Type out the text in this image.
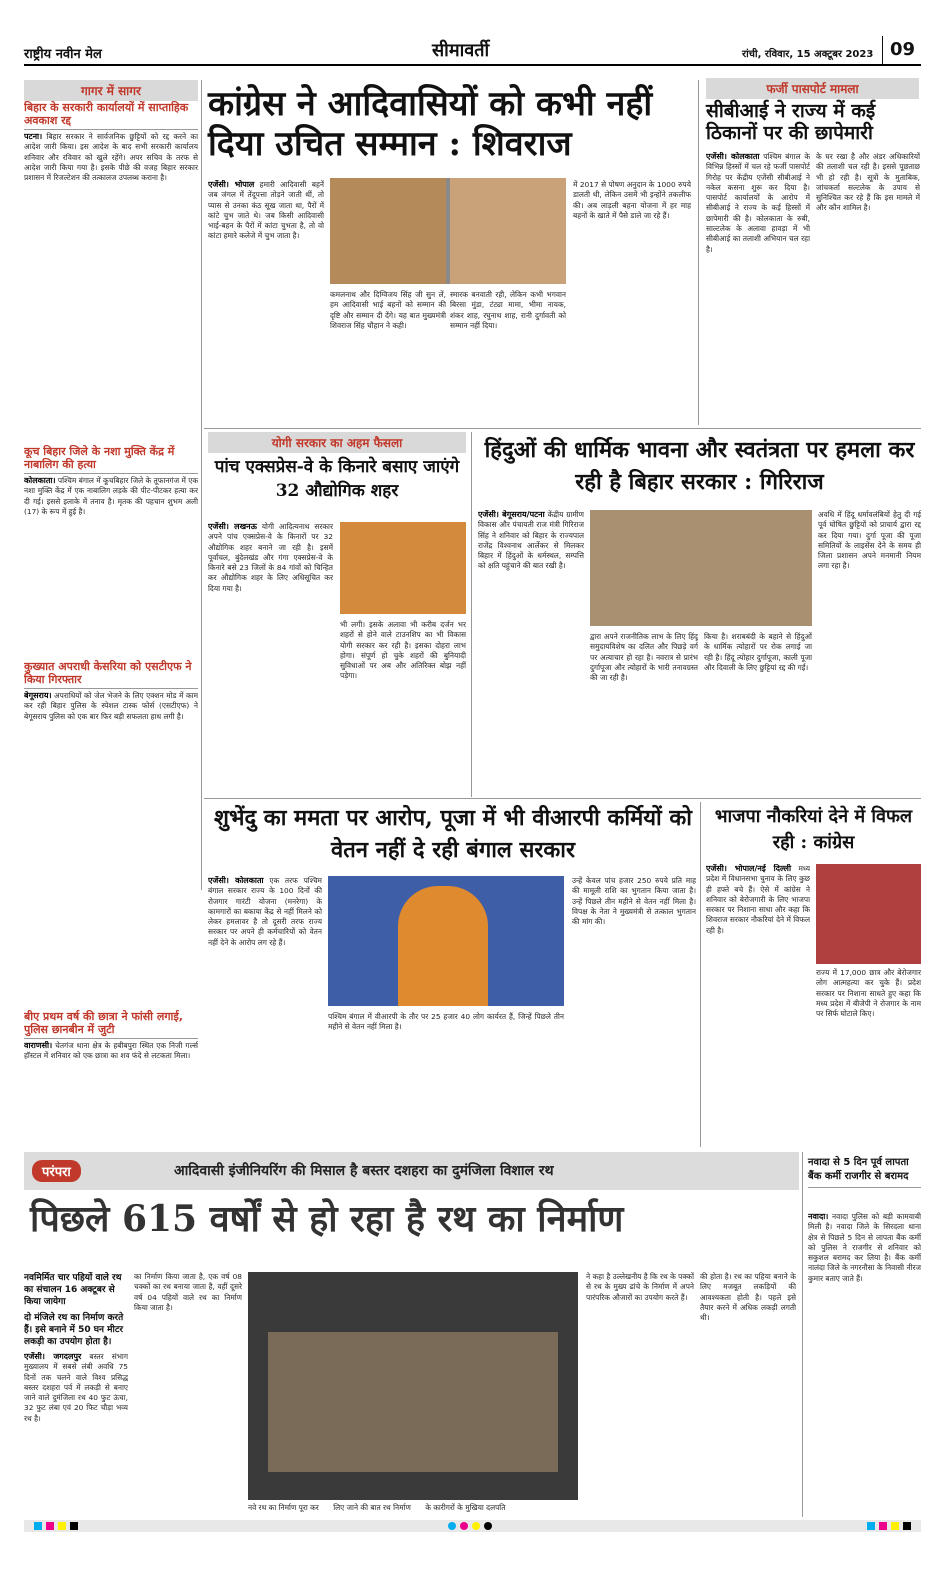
राष्ट्रीय नवीन मेल	सीमावर्ती	रांची, रविवार, 15 अक्टूबर 2023 09
गागर में सागर
बिहार के सरकारी कार्यालयों में साप्ताहिक अवकाश रद्द
पटना। बिहार सरकार ने सार्वजनिक छुट्टियों को रद्द करने का आदेश जारी किया। इस आदेश के बाद सभी सरकारी कार्यालय शनिवार और रविवार को खुले रहेंगे। अपर सचिव के तरफ से आदेश जारी किया गया है। इसके पीछे की वजह बिहार सरकार प्रशासन में रिजल्टेशन की तत्कालज उपलब्ध कराना है।
कूच बिहार जिले के नशा मुक्ति केंद्र में नाबालिग की हत्या
कोलकाता। पश्चिम बंगाल में कूचबिहार जिले के तूफानगंज में एक नशा मुक्ति केंद्र में एक नाबालिग लड़के की पीट-पीटकर हत्या कर दी गई। इससे इलाके में तनाव है। मृतक की पहचान शुभम अली (17) के रूप में हुई है।
कुख्यात अपराधी केसरिया को एसटीएफ ने किया गिरफ्तार
बेगूसराय। अपराधियों को जेल भेजने के लिए एक्शन मोड में काम कर रही बिहार पुलिस के स्पेशल टास्क फोर्स (एसटीएफ) ने बेगूसराय पुलिस को एक बार फिर बड़ी सफलता हाथ लगी है।
बीए प्रथम वर्ष की छात्रा ने फांसी लगाई, पुलिस छानबीन में जुटी
वाराणसी। चेतगंज थाना क्षेत्र के हबीबपुरा स्थित एक निजी गर्ल्स हॉस्टल में शनिवार को एक छात्रा का शव फंदे से लटकता मिला।
कांग्रेस ने आदिवासियों को कभी नहीं दिया उचित सम्मान : शिवराज
एजेंसी। भोपाल हमारी आदिवासी बहनें जब जंगल में तेंदूपत्ता तोड़ने जाती थीं, तो प्यास से उनका कंठ सूख जाता था, पैरों में कांटे चुभ जाते थे। जब किसी आदिवासी भाई-बहन के पैरों में कांटा चुभता है, तो वो कांटा हमारे कलेजे में चुभ जाता है।
कमलनाथ और दिग्विजय सिंह जी सुन लें, हम आदिवासी भाई बहनों को सम्मान की दृष्टि और सम्मान दी देंगे। यह बात मुख्यमंत्री शिवराज सिंह चौहान ने कही।
स्मारक बनवाती रही, लेकिन कभी भगवान बिरसा मुंडा, टंट्या मामा, भीमा नायक, शंकर शाह, रघुनाथ शाह, रानी दुर्गावती को सम्मान नहीं दिया।
में 2017 से पोषण अनुदान के 1000 रुपये डालती थी, लेकिन उसमें भी इन्होंने तकलीफ की। अब लाड़ली बहना योजना में हर माह बहनों के खाते में पैसे डाले जा रहे हैं।
फर्जी पासपोर्ट मामला
सीबीआई ने राज्य में कई ठिकानों पर की छापेमारी
एजेंसी। कोलकाता पश्चिम बंगाल के विभिन्न हिस्सों में चल रहे फर्जी पासपोर्ट गिरोह पर केंद्रीय एजेंसी सीबीआई ने नकेल कसना शुरू कर दिया है। पासपोर्ट कार्यालयों के आरोप में सीबीआई ने राज्य के कई हिस्सों में छापेमारी की है। कोलकाता के रुबी, साल्टलेक के अलावा हावड़ा में भी सीबीआई का तलाशी अभियान चल रहा है।
के घर रखा है और अंडर अधिकारियों की तलाशी चल रही है। इससे पूछताछ भी हो रही है। सूत्रों के मुताबिक, जांचकर्ता सल्टलेक के उपाय से सुनिश्चित कर रहे हैं कि इस मामले में और कौन शामिल है।
योगी सरकार का अहम फैसला
पांच एक्सप्रेस-वे के किनारे बसाए जाएंगे 32 औद्योगिक शहर
एजेंसी। लखनऊ योगी आदित्यनाथ सरकार अपने पांच एक्सप्रेस-वे के किनारों पर 32 औद्योगिक शहर बनाने जा रही है। इसमें पूर्वांचल, बुंदेलखंड और गंगा एक्सप्रेस-वे के किनारे बसे 23 जिलों के 84 गांवों को चिन्हित कर औद्योगिक शहर के लिए अधिसूचित कर दिया गया है।
भी लगी। इसके अलावा भी करीब दर्जन भर शहरों से होने वाले टाउनशिप का भी विकास योगी सरकार कर रही है। इसका दोहरा लाभ होगा। संपूर्ण हो चुके शहरों की बुनियादी सुविधाओं पर अब और अतिरिक्त बोझ नहीं पड़ेगा।
हिंदुओं की धार्मिक भावना और स्वतंत्रता पर हमला कर रही है बिहार सरकार : गिरिराज
एजेंसी। बेगूसराय/पटना केंद्रीय ग्रामीण विकास और पंचायती राज मंत्री गिरिराज सिंह ने शनिवार को बिहार के राज्यपाल राजेंद्र विश्वनाथ आर्लेकर से मिलकर बिहार में हिंदुओं के धर्मस्थल, सम्पत्ति को क्षति पहुंचाने की बात रखी है।
द्वारा अपने राजनीतिक लाभ के लिए हिंदू समुदायविशेष का दलित और पिछड़े वर्ग पर अत्याचार हो रहा है। नवरात्र से प्रारंभ दुर्गापूजा और त्योहारों के भारी तनावग्रस्त की जा रही है।
किया है। शराबबंदी के बहाने से हिंदुओं के धार्मिक त्योहारों पर रोक लगाई जा रही है। हिंदू त्योहार दुर्गापूजा, काली पूजा और दिवाली के लिए छुट्टियां रद्द की गईं।
अवधि में हिंदू धर्मावलंबियों हेतु दी गई पूर्व घोषित छुट्टियों को प्राचार्य द्वारा रद्द कर दिया गया। दुर्गा पूजा की पूजा समितियों के लाइसेंस देने के समय ही जिला प्रशासन अपने मनमानी नियम लगा रहा है।
शुभेंदु का ममता पर आरोप, पूजा में भी वीआरपी कर्मियों को वेतन नहीं दे रही बंगाल सरकार
एजेंसी। कोलकाता एक तरफ पश्चिम बंगाल सरकार राज्य के 100 दिनों की रोजगार गारंटी योजना (मनरेगा) के कामगारों का बकाया केंद्र से नहीं मिलने को लेकर हमलावर है तो दूसरी तरफ राज्य सरकार पर अपने ही कर्मचारियों को वेतन नहीं देने के आरोप लग रहे हैं।
पश्चिम बंगाल में वीआरपी के तौर पर 25 हजार 40 लोग कार्यरत हैं, जिन्हें पिछले तीन महीने से वेतन नहीं मिला है।
उन्हें केवल पांच हजार 250 रुपये प्रति माह की मामूली राशि का भुगतान किया जाता है। उन्हें पिछले तीन महीने से वेतन नहीं मिला है। विपक्ष के नेता ने मुख्यमंत्री से तत्काल भुगतान की मांग की।
भाजपा नौकरियां देने में विफल रही : कांग्रेस
एजेंसी। भोपाल/नई दिल्ली मध्य प्रदेश में विधानसभा चुनाव के लिए कुछ ही हफ्ते बचे हैं। ऐसे में कांग्रेस ने शनिवार को बेरोजगारी के लिए भाजपा सरकार पर निशाना साधा और कहा कि शिवराज सरकार नौकरियां देने में विफल रही है।
राज्य में 17,000 छात्र और बेरोजगार लोग आत्महत्या कर चुके हैं। प्रदेश सरकार पर निशाना साधते हुए कहा कि मध्य प्रदेश में बीजेपी ने रोजगार के नाम पर सिर्फ घोटाले किए।
परंपरा	आदिवासी इंजीनियरिंग की मिसाल है बस्तर दशहरा का दुमंजिला विशाल रथ
पिछले 615 वर्षों से हो रहा है रथ का निर्माण
नवमिर्मित चार पहियों वाले रथ का संचालन 16 अक्टूबर से किया जायेगा
दो मंजिले रथ का निर्माण करते हैं। इसे बनाने में 50 घन मीटर लकड़ी का उपयोग होता है।
एजेंसी। जगदलपुर बस्तर संभाग मुख्यालय में सबसे लंबी अवधि 75 दिनों तक चलने वाले विश्व प्रसिद्ध बस्तर दशहरा पर्व में लकड़ी से बनाए जाने वाले दुमंजिला रथ 40 फुट ऊंचा, 32 फुट लंबा एवं 20 फिट चौड़ा भव्य रथ है।
का निर्माण किया जाता है, एक वर्ष 08 चक्कों का रथ बनाया जाता है, वहीं दूसरे वर्ष 04 पहियों वाले रथ का निर्माण किया जाता है।
नवे रथ का निर्माण पूरा कर लिए जाने की बात रथ निर्माण के कारीगरों के मुखिया दलपति
ने कहा है उल्लेखनीय है कि रथ के पक्कों से रथ के मुख्य ढांचे के निर्माण में अपने पारंपरिक औजारों का उपयोग करते हैं।
की होता है। रथ का पहिया बनाने के लिए मजबूत लकड़ियों की आवश्यकता होती है। पहले इसे तैयार करने में अधिक लकड़ी लगती थी।
नवादा से 5 दिन पूर्व लापता बैंक कर्मी राजगीर से बरामद
नवादा। नवादा पुलिस को बड़ी कामयाबी मिली है। नवादा जिले के सिरदला थाना क्षेत्र से पिछले 5 दिन से लापता बैंक कर्मी को पुलिस ने राजगीर से शनिवार को सकुशल बरामद कर लिया है। बैंक कर्मी नालंदा जिले के नगरनौसा के निवासी नीरज कुमार बताए जाते हैं।
